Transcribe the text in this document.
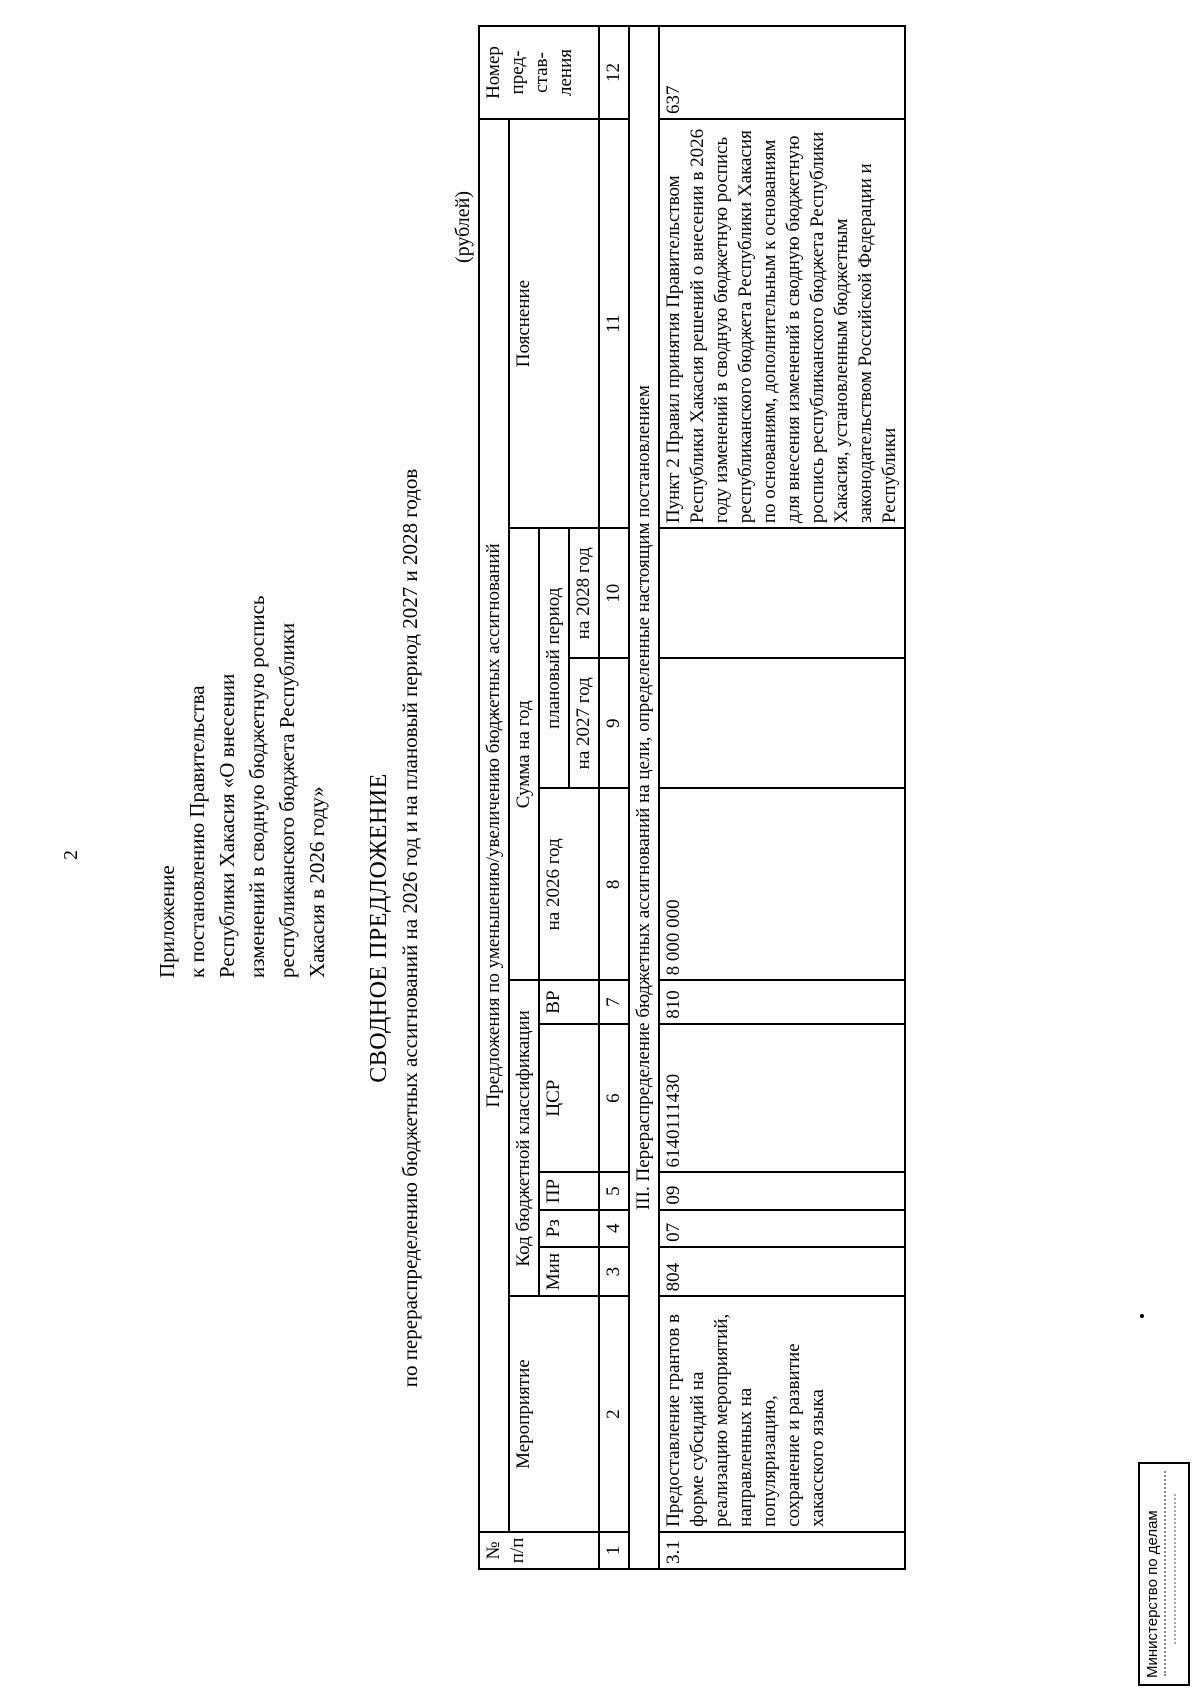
2
Приложение к постановлению Правительства Республики Хакасия «О внесении изменений в сводную бюджетную роспись республиканского бюджета Республики Хакасия в 2026 году» СВОДНОЕ ПРЕДЛОЖЕНИЕ по перераспределению бюджетных ассигнований на 2026 год и на плановый период 2027 и 2028 годов
(рублей)
№ п/п	Предложения по уменьшению/увеличению бюджетных ассигнований										Номер пред-став-ления
	Мероприятие	Код бюджетной классификации					Сумма на год			Пояснение	
		Мин	Рз	ПР	ЦСР	ВР	на 2026 год	плановый период			
								на 2027 год	на 2028 год		
1	2	3	4	5	6	7	8	9	10	11	12
III. Перераспределение бюджетных ассигнований на цели, определенные настоящим постановлением											
3.1	Предоставление грантов в форме субсидий на реализацию мероприятий, направленных на популяризацию, сохранение и развитие хакасского языка	804	07	09	6140111430	810	8 000 000			Пункт 2 Правил принятия Правительством Республики Хакасия решений о внесении в 2026 году изменений в сводную бюджетную роспись республиканского бюджета Республики Хакасия по основаниям, дополнительным к основаниям для внесения изменений в сводную бюджетную роспись республиканского бюджета Республики Хакасия, установленным бюджетным законодательством Российской Федерации и Республики	637
Министерство по делам
